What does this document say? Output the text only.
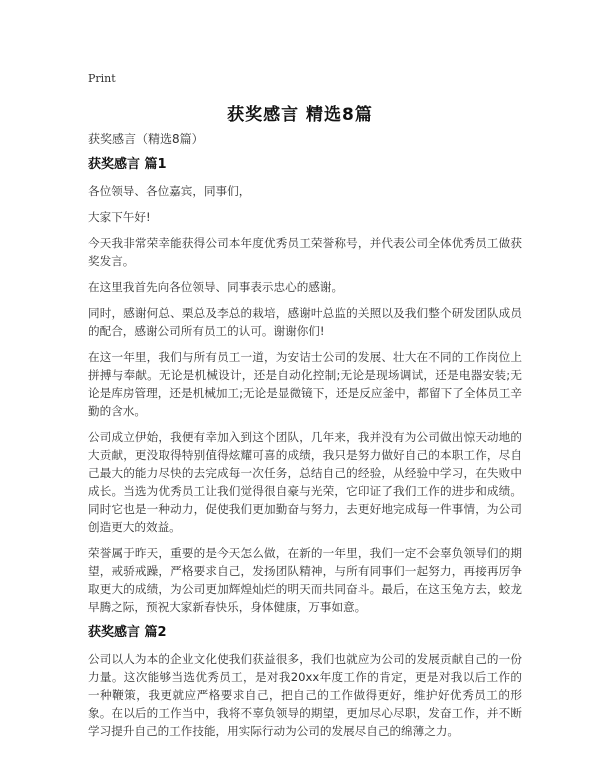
Print
获奖感言 精选8篇
获奖感言（精选8篇）
获奖感言 篇1

各位领导、各位嘉宾，同事们，

大家下午好!

今天我非常荣幸能获得公司本年度优秀员工荣誉称号，并代表公司全体优秀员工做获奖发言。

在这里我首先向各位领导、同事表示忠心的感谢。

同时，感谢何总、栗总及李总的栽培，感谢叶总监的关照以及我们整个研发团队成员的配合，感谢公司所有员工的认可。谢谢你们!

在这一年里，我们与所有员工一道，为安诘士公司的发展、壮大在不同的工作岗位上拼搏与奉献。无论是机械设计，还是自动化控制;无论是现场调试，还是电器安装;无论是库房管理，还是机械加工;无论是显微镜下，还是反应釜中，都留下了全体员工辛勤的含水。

公司成立伊始，我便有幸加入到这个团队，几年来，我并没有为公司做出惊天动地的大贡献，更没取得特别值得炫耀可喜的成绩，我只是努力做好自己的本职工作，尽自己最大的能力尽快的去完成每一次任务，总结自己的经验，从经验中学习，在失败中成长。当选为优秀员工让我们觉得很自豪与光荣，它印证了我们工作的进步和成绩。同时它也是一种动力，促使我们更加勤奋与努力，去更好地完成每一件事情，为公司创造更大的效益。

荣誉属于昨天，重要的是今天怎么做，在新的一年里，我们一定不会辜负领导们的期望，戒骄戒躁，严格要求自己，发扬团队精神，与所有同事们一起努力，再接再厉争取更大的成绩，为公司更加辉煌灿烂的明天而共同奋斗。最后，在这玉兔方去，蛟龙早腾之际，预祝大家新春快乐，身体健康，万事如意。

获奖感言 篇2

公司以人为本的企业文化使我们获益很多，我们也就应为公司的发展贡献自己的一份力量。这次能够当选优秀员工，是对我20xx年度工作的肯定，更是对我以后工作的一种鞭策，我更就应严格要求自己，把自己的工作做得更好，维护好优秀员工的形象。在以后的工作当中，我将不辜负领导的期望，更加尽心尽职，发奋工作，并不断学习提升自己的工作技能，用实际行动为公司的发展尽自己的绵薄之力。
